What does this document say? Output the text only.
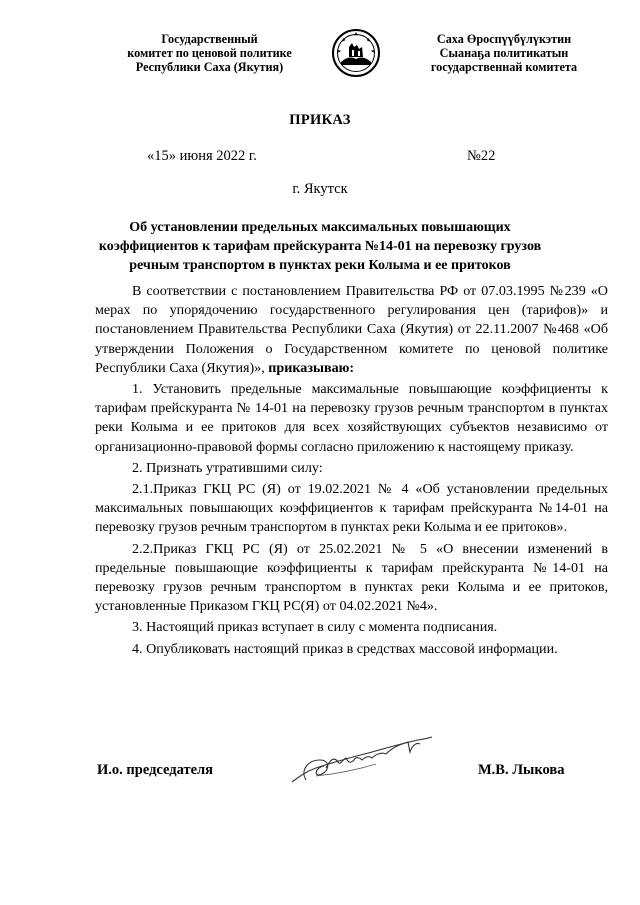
Государственный
комитет по ценовой политике
Республики Саха (Якутия)
Саха Өроспүүбүлүкэтин
Сыанаҕа политикатын
государственнай комитета
ПРИКАЗ
«15» июня 2022 г.	№22
г. Якутск
Об установлении предельных максимальных повышающих
коэффициентов к тарифам прейскуранта №14-01 на перевозку грузов
речным транспортом в пунктах реки Колыма и ее притоков

В соответствии с постановлением Правительства РФ от 07.03.1995 №239 «О мерах по упорядочению государственного регулирования цен (тарифов)» и постановлением Правительства Республики Саха (Якутия) от 22.11.2007 №468 «Об утверждении Положения о Государственном комитете по ценовой политике Республики Саха (Якутия)», приказываю:

1. Установить предельные максимальные повышающие коэффициенты к тарифам прейскуранта № 14-01 на перевозку грузов речным транспортом в пунктах реки Колыма и ее притоков для всех хозяйствующих субъектов независимо от организационно-правовой формы согласно приложению к настоящему приказу.

2. Признать утратившими силу:

2.1.Приказ ГКЦ РС (Я) от 19.02.2021 № 4 «Об установлении предельных максимальных повышающих коэффициентов к тарифам прейскуранта №14-01 на перевозку грузов речным транспортом в пунктах реки Колыма и ее притоков».

2.2.Приказ ГКЦ РС (Я) от 25.02.2021 № 5 «О внесении изменений в предельные повышающие коэффициенты к тарифам прейскуранта №14-01 на перевозку грузов речным транспортом в пунктах реки Колыма и ее притоков, установленные Приказом ГКЦ РС(Я) от 04.02.2021 №4».

3. Настоящий приказ вступает в силу с момента подписания.

4. Опубликовать настоящий приказ в средствах массовой информации.

И.о. председателя	М.В. Лыкова
